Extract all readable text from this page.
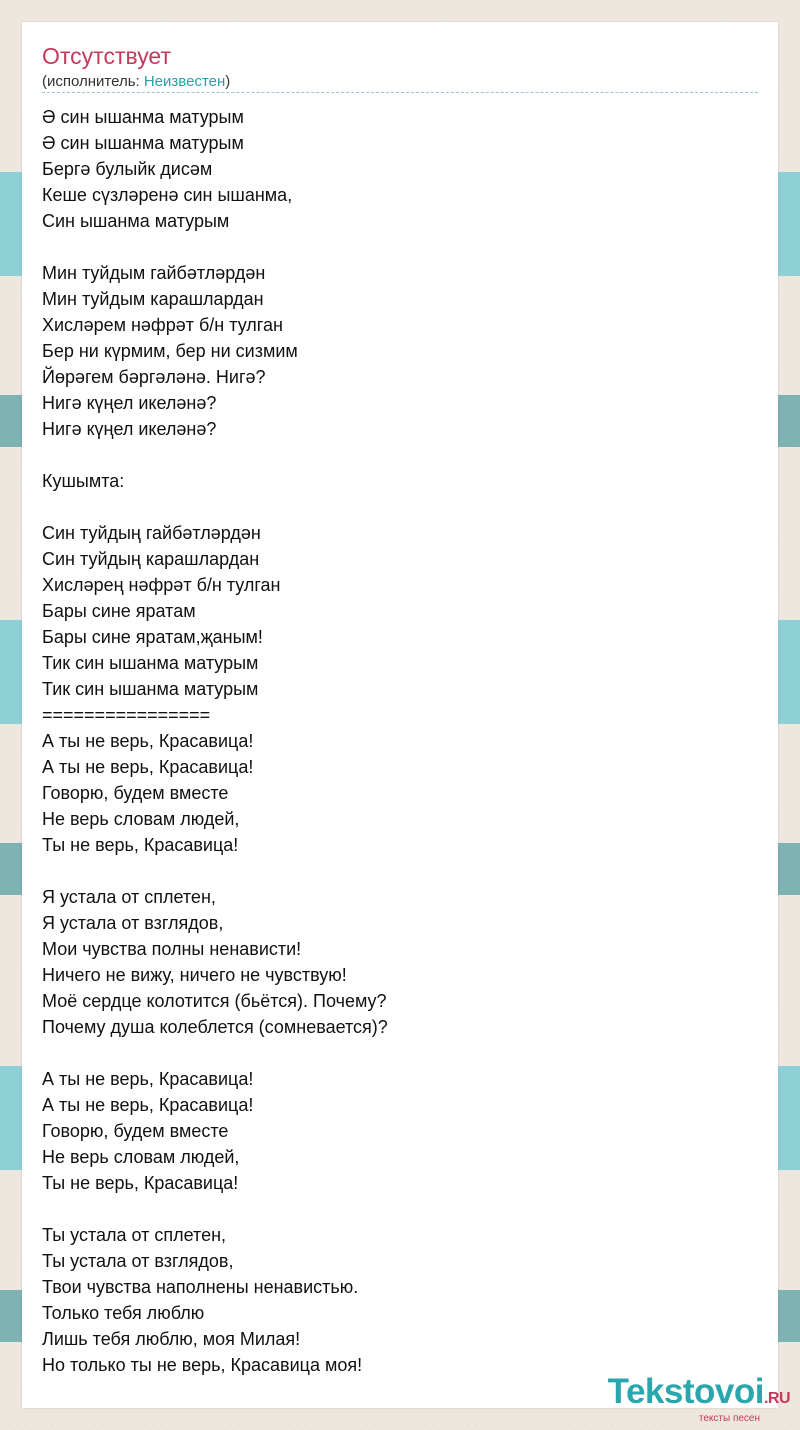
Отсутствует
(исполнитель: Неизвестен)
Ә син ышанма матурым
Ә син ышанма матурым
Бергә булыйк дисәм
Кеше сүзләренә син ышанма,
Син ышанма матурым
Мин туйдым гайбәтләрдән
Мин туйдым карашлардан
Хисләрем нәфрәт б/н тулган
Бер ни күрмим, бер ни сизмим
Йөрәгем бәргәләнә. Нигә?
Нигә күңел икеләнә?
Нигә күңел икеләнә?
Кушымта:
Син туйдың гайбәтләрдән
Син туйдың карашлардан
Хисләрең нәфрәт б/н тулган
Бары сине яратам
Бары сине яратам,җаным!
Тик син ышанма матурым
Тик син ышанма матурым
================
А ты не верь, Красавица!
А ты не верь, Красавица!
Говорю, будем вместе
Не верь словам людей,
Ты не верь, Красавица!
Я устала от сплетен,
Я устала от взглядов,
Мои чувства полны ненависти!
Ничего не вижу, ничего не чувствую!
Моё сердце колотится (бьётся). Почему?
Почему душа колеблется (сомневается)?
А ты не верь, Красавица!
А ты не верь, Красавица!
Говорю, будем вместе
Не верь словам людей,
Ты не верь, Красавица!
Ты устала от сплетен,
Ты устала от взглядов,
Твои чувства наполнены ненавистью.
Только тебя люблю
Лишь тебя люблю, моя Милая!
Но только ты не верь, Красавица моя!
Tekstovoi.RU
тексты песен
